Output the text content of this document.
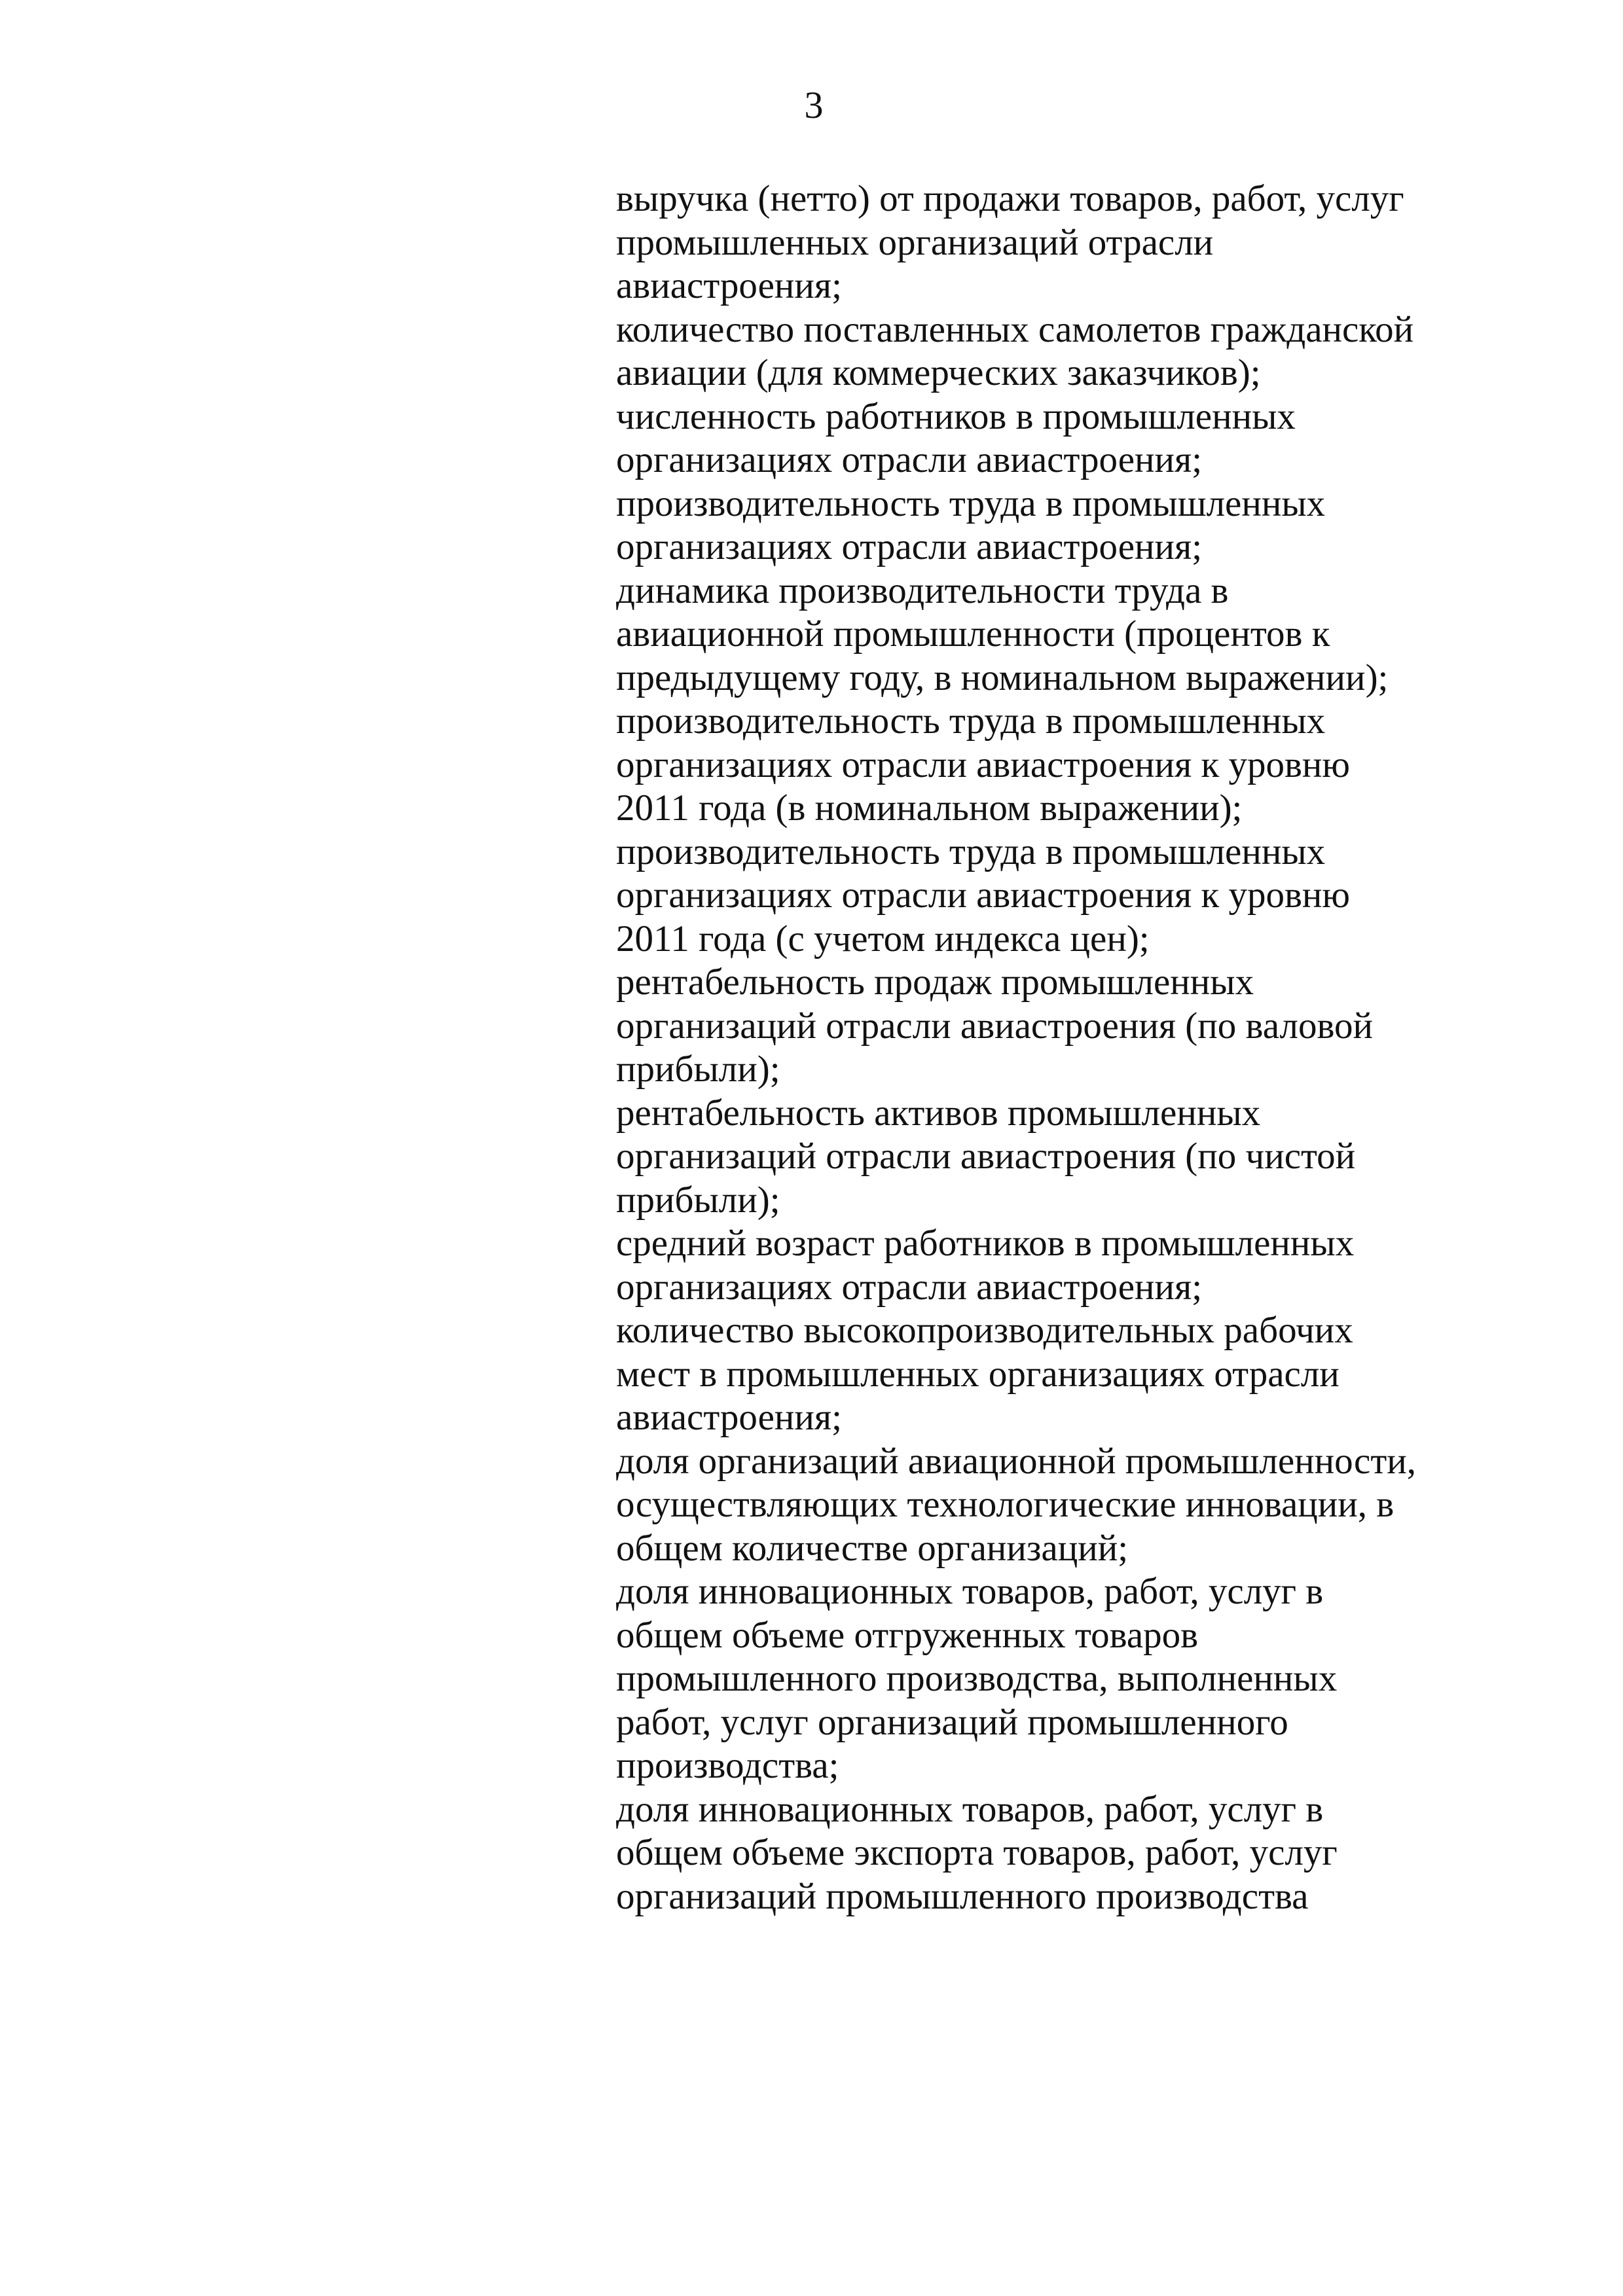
3
выручка (нетто) от продажи товаров, работ, услуг
промышленных организаций отрасли
авиастроения;
количество поставленных самолетов гражданской
авиации (для коммерческих заказчиков);
численность работников в промышленных
организациях отрасли авиастроения;
производительность труда в промышленных
организациях отрасли авиастроения;
динамика производительности труда в
авиационной промышленности (процентов к
предыдущему году, в номинальном выражении);
производительность труда в промышленных
организациях отрасли авиастроения к уровню
2011 года (в номинальном выражении);
производительность труда в промышленных
организациях отрасли авиастроения к уровню
2011 года (с учетом индекса цен);
рентабельность продаж промышленных
организаций отрасли авиастроения (по валовой
прибыли);
рентабельность активов промышленных
организаций отрасли авиастроения (по чистой
прибыли);
средний возраст работников в промышленных
организациях отрасли авиастроения;
количество высокопроизводительных рабочих
мест в промышленных организациях отрасли
авиастроения;
доля организаций авиационной промышленности,
осуществляющих технологические инновации, в
общем количестве организаций;
доля инновационных товаров, работ, услуг в
общем объеме отгруженных товаров
промышленного производства, выполненных
работ, услуг организаций промышленного
производства;
доля инновационных товаров, работ, услуг в
общем объеме экспорта товаров, работ, услуг
организаций промышленного производства
